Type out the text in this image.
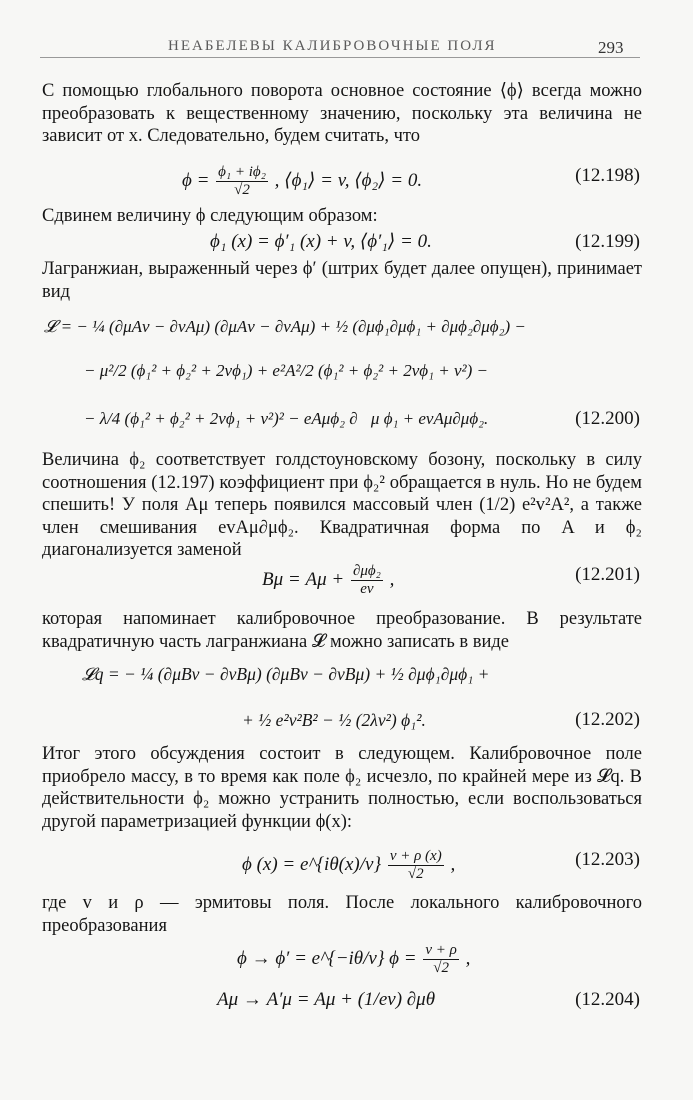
НЕАБЕЛЕВЫ КАЛИБРОВОЧНЫЕ ПОЛЯ	293
С помощью глобального поворота основное состояние ⟨ϕ⟩ всегда можно преобразовать к вещественному значению, поскольку эта величина не зависит от x. Следовательно, будем считать, что
$\phi = \frac{\text{ϕ₁ + iϕ₂}}{√2}$ , ⟨ϕ₁⟩ = v, ⟨ϕ₂⟩ = 0.	(12.198)
Сдвинем величину ϕ следующим образом:
ϕ₁ (x) = ϕ′₁ (x) + v, ⟨ϕ′₁⟩ = 0.	(12.199)
Лагранжиан, выраженный через ϕ′ (штрих будет далее опущен), принимает вид
𝓛 = − ¼ (∂μAν − ∂νAμ) (∂μAν − ∂νAμ) + ½ (∂μϕ₁∂μϕ₁ + ∂μϕ₂∂μϕ₂) −
− μ²/2 (ϕ₁² + ϕ₂² + 2vϕ₁) + e²A²/2 (ϕ₁² + ϕ₂² + 2vϕ₁ + v²) −
− λ/4 (ϕ₁² + ϕ₂² + 2vϕ₁ + v²)² − eAμϕ₂ ∂⃡μ ϕ₁ + evAμ∂μϕ₂.	(12.200)
Величина ϕ₂ соответствует голдстоуновскому бозону, поскольку в силу соотношения (12.197) коэффициент при ϕ₂² обращается в нуль. Но не будем спешить! У поля Aμ теперь появился массовый член (1/2) e²v²A², а также член смешивания evAμ∂μϕ₂. Квадратичная форма по A и ϕ₂ диагонализуется заменой
$B\mu = A\mu + \frac{\text{∂μϕ₂}}{ev}$ ,	(12.201)
которая напоминает калибровочное преобразование. В результате квадратичную часть лагранжиана 𝓛 можно записать в виде
𝓛q = − ¼ (∂μBν − ∂νBμ) (∂μBν − ∂νBμ) + ½ ∂μϕ₁∂μϕ₁ +
+ ½ e²v²B² − ½ (2λv²) ϕ₁².	(12.202)
Итог этого обсуждения состоит в следующем. Калибровочное поле приобрело массу, в то время как поле ϕ₂ исчезло, по крайней мере из 𝓛q. В действительности ϕ₂ можно устранить полностью, если воспользоваться другой параметризацией функции ϕ(x):
ϕ (x) = e^{iθ(x)/v} $\frac{v + \rho (x)}{√2}$ ,	(12.203)
где v и ρ — эрмитовы поля. После локального калибровочного преобразования
ϕ → ϕ′ = e^{−iθ/v} $\phi = \frac{v + \rho}{√2}$ ,
Aμ → A′μ = Aμ + (1/ev) ∂μθ	(12.204)
